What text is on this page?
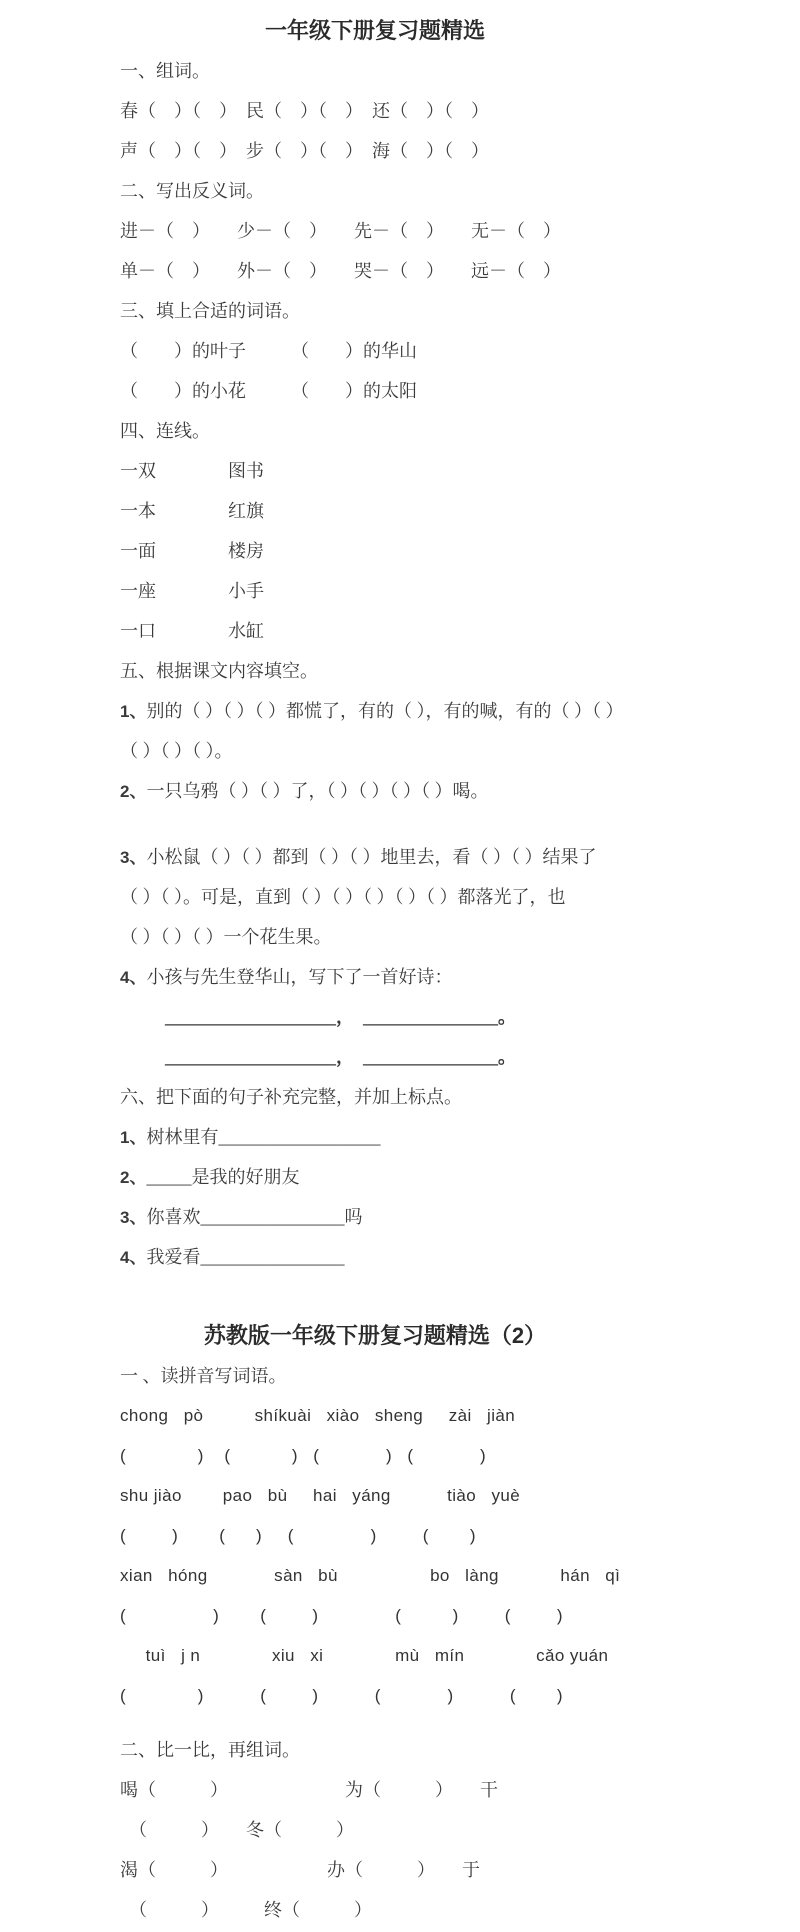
一年级下册复习题精选
一、组词。
春（　）（　）　民（　）（　）　还（　）（　）
声（　）（　）　步（　）（　）　海（　）（　）
二、写出反义词。
进－（　）　　少－（　）　　先－（　）　　无－（　）
单－（　）　　外－（　）　　哭－（　）　　远－（　）
三、填上合适的词语。
（　　）的叶子　　　（　　）的华山
（　　）的小花　　　（　　）的太阳
四、连线。
一双　　　　图书
一本　　　　红旗
一面　　　　楼房
一座　　　　小手
一口　　　　水缸
五、根据课文内容填空。
1、别的（ ）（ ）（ ）都慌了，有的（ ），有的喊，有的（ ）（ ）
（ ）（ ）（ ）。
2、一只乌鸦（ ）（ ）了，（ ）（ ）（ ）（ ）喝。
3、小松鼠（ ）（ ）都到（ ）（ ）地里去，看（ ）（ ）结果了
（ ）（ ）。可是，直到（ ）（ ）（ ）（ ）（ ）都落光了，也
（ ）（ ）（ ）一个花生果。
4、小孩与先生登华山，写下了一首好诗：
___________________，　_______________。
___________________，　_______________。
六、把下面的句子补充完整，并加上标点。
1、树林里有__________________
2、_____是我的好朋友
3、你喜欢________________吗
4、我爱看________________
苏教版一年级下册复习题精选（2）
一 、读拼音写词语。
chong   pò          shíkuài   xiào   sheng     zài   jiàn
(              )    (            )   (             )   (             )
shu jiào        pao   bù     hai   yáng           tiào   yuè
(         )        (      )     (               )         (        )
xian   hóng             sàn   bù                  bo   làng            hán   qì
(                 )        (         )               (          )         (         )
tuì   j n              xiu   xi              mù   mín              cǎo yuán
(              )           (         )           (             )           (        )
二、比一比，再组词。
喝（　　　）　　　　　　　为（　　　）　　干
　（　　　）　　冬（　　　）
渴（　　　）　　　　　　办（　　　）　　于
　（　　　）　　　终（　　　）
